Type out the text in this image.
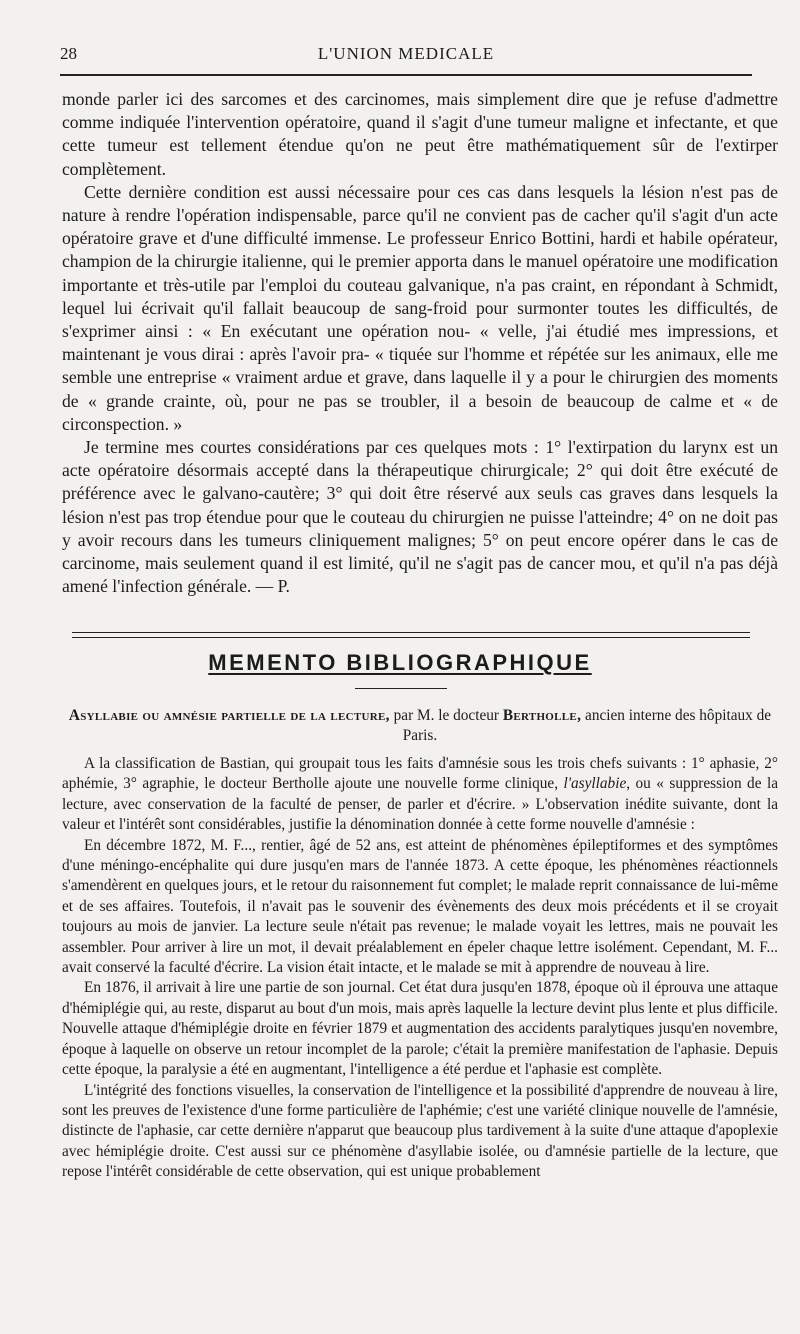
28	L'UNION MEDICALE

monde parler ici des sarcomes et des carcinomes, mais simplement dire que je refuse d'admettre comme indiquée l'intervention opératoire, quand il s'agit d'une tumeur maligne et infectante, et que cette tumeur est tellement étendue qu'on ne peut être mathématiquement sûr de l'extirper complètement.

Cette dernière condition est aussi nécessaire pour ces cas dans lesquels la lésion n'est pas de nature à rendre l'opération indispensable, parce qu'il ne convient pas de cacher qu'il s'agit d'un acte opératoire grave et d'une difficulté immense. Le professeur Enrico Bottini, hardi et habile opérateur, champion de la chirurgie italienne, qui le premier apporta dans le manuel opératoire une modification importante et très-utile par l'emploi du couteau galvanique, n'a pas craint, en répondant à Schmidt, lequel lui écrivait qu'il fallait beaucoup de sang-froid pour surmonter toutes les difficultés, de s'exprimer ainsi : « En exécutant une opération nou- « velle, j'ai étudié mes impressions, et maintenant je vous dirai : après l'avoir pra- « tiquée sur l'homme et répétée sur les animaux, elle me semble une entreprise « vraiment ardue et grave, dans laquelle il y a pour le chirurgien des moments de « grande crainte, où, pour ne pas se troubler, il a besoin de beaucoup de calme et « de circonspection. »

Je termine mes courtes considérations par ces quelques mots : 1° l'extirpation du larynx est un acte opératoire désormais accepté dans la thérapeutique chirurgicale; 2° qui doit être exécuté de préférence avec le galvano-cautère; 3° qui doit être réservé aux seuls cas graves dans lesquels la lésion n'est pas trop étendue pour que le couteau du chirurgien ne puisse l'atteindre; 4° on ne doit pas y avoir recours dans les tumeurs cliniquement malignes; 5° on peut encore opérer dans le cas de carcinome, mais seulement quand il est limité, qu'il ne s'agit pas de cancer mou, et qu'il n'a pas déjà amené l'infection générale. — P.

MEMENTO BIBLIOGRAPHIQUE

Asyllabie ou amnésie partielle de la lecture, par M. le docteur Bertholle, ancien interne des hôpitaux de Paris.

A la classification de Bastian, qui groupait tous les faits d'amnésie sous les trois chefs suivants : 1° aphasie, 2° aphémie, 3° agraphie, le docteur Bertholle ajoute une nouvelle forme clinique, l'asyllabie, ou « suppression de la lecture, avec conservation de la faculté de penser, de parler et d'écrire. » L'observation inédite suivante, dont la valeur et l'intérêt sont considérables, justifie la dénomination donnée à cette forme nouvelle d'amnésie :

En décembre 1872, M. F..., rentier, âgé de 52 ans, est atteint de phénomènes épileptiformes et des symptômes d'une méningo-encéphalite qui dure jusqu'en mars de l'année 1873. A cette époque, les phénomènes réactionnels s'amendèrent en quelques jours, et le retour du raisonnement fut complet; le malade reprit connaissance de lui-même et de ses affaires. Toutefois, il n'avait pas le souvenir des évènements des deux mois précédents et il se croyait toujours au mois de janvier. La lecture seule n'était pas revenue; le malade voyait les lettres, mais ne pouvait les assembler. Pour arriver à lire un mot, il devait préalablement en épeler chaque lettre isolément. Cependant, M. F... avait conservé la faculté d'écrire. La vision était intacte, et le malade se mit à apprendre de nouveau à lire.

En 1876, il arrivait à lire une partie de son journal. Cet état dura jusqu'en 1878, époque où il éprouva une attaque d'hémiplégie qui, au reste, disparut au bout d'un mois, mais après laquelle la lecture devint plus lente et plus difficile. Nouvelle attaque d'hémiplégie droite en février 1879 et augmentation des accidents paralytiques jusqu'en novembre, époque à laquelle on observe un retour incomplet de la parole; c'était la première manifestation de l'aphasie. Depuis cette époque, la paralysie a été en augmentant, l'intelligence a été perdue et l'aphasie est complète.

L'intégrité des fonctions visuelles, la conservation de l'intelligence et la possibilité d'apprendre de nouveau à lire, sont les preuves de l'existence d'une forme particulière de l'aphémie; c'est une variété clinique nouvelle de l'amnésie, distincte de l'aphasie, car cette dernière n'apparut que beaucoup plus tardivement à la suite d'une attaque d'apoplexie avec hémiplégie droite. C'est aussi sur ce phénomène d'asyllabie isolée, ou d'amnésie partielle de la lecture, que repose l'intérêt considérable de cette observation, qui est unique probablement
